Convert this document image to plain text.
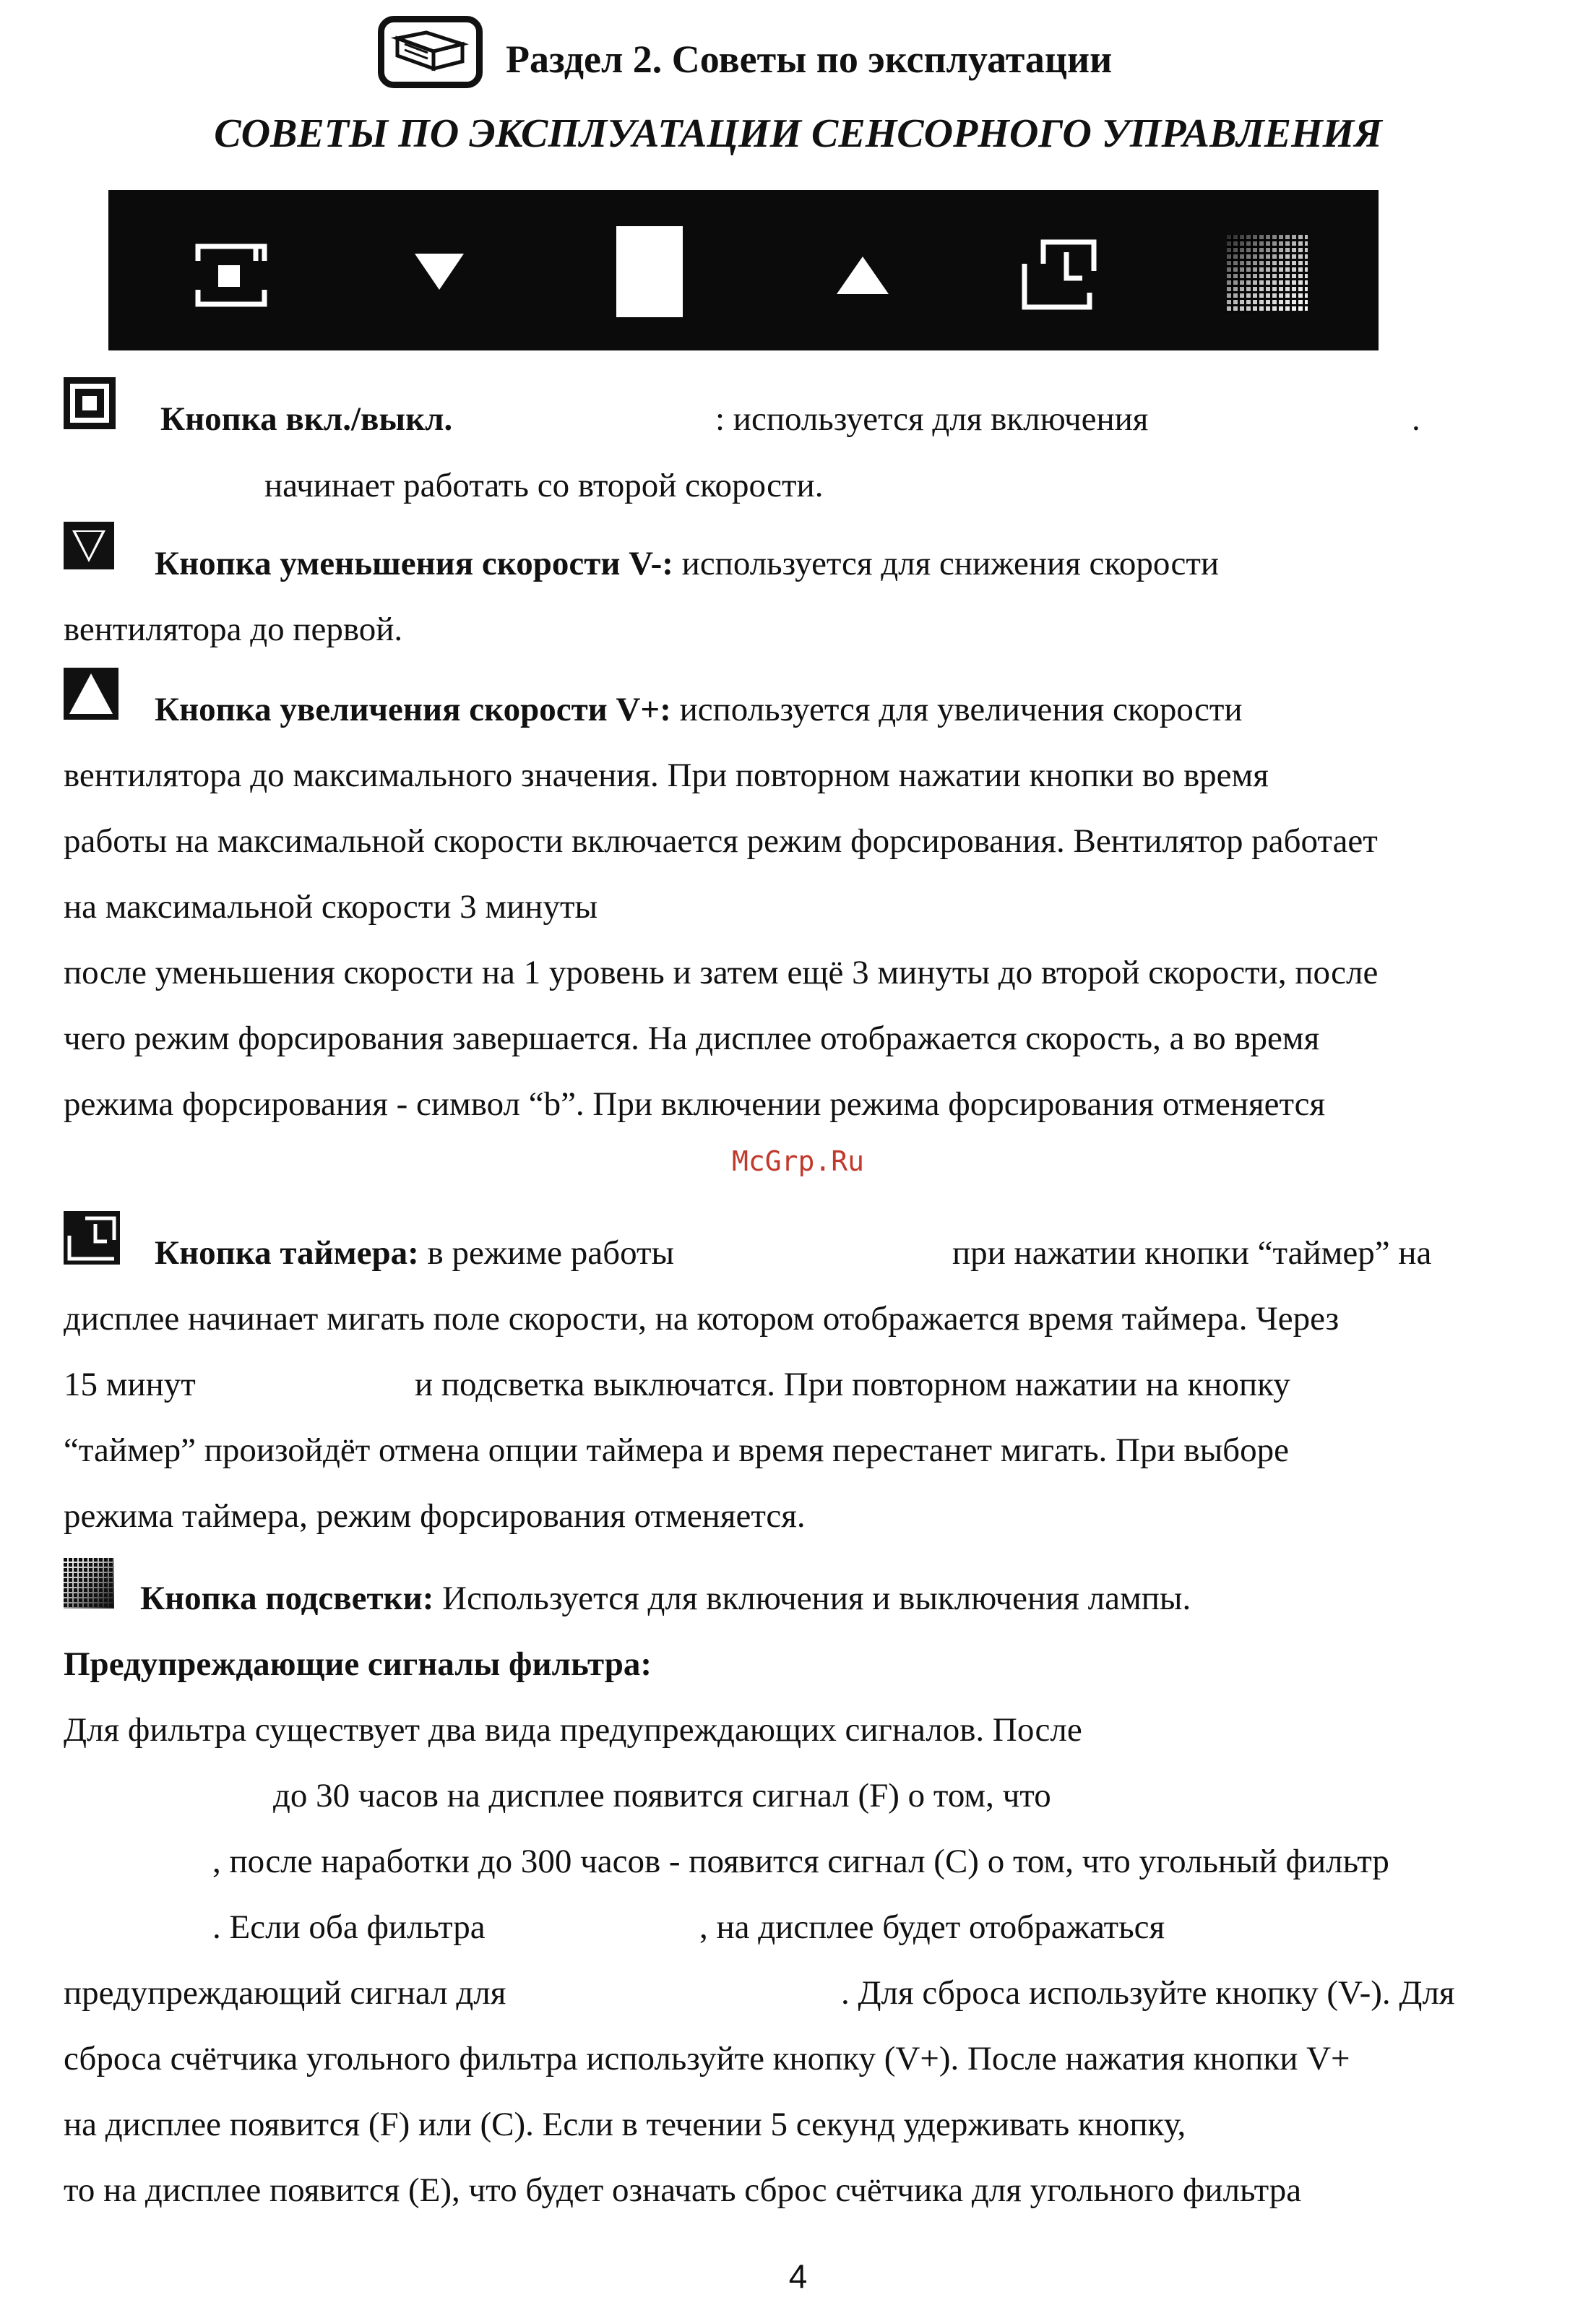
Раздел 2. Советы по эксплуатации
СОВЕТЫ ПО ЭКСПЛУАТАЦИИ СЕНСОРНОГО УПРАВЛЕНИЯ
Кнопка вкл./выкл.	: используется для включения	.
начинает работать со второй скорости.
Кнопка уменьшения скорости V-: используется для снижения скорости
вентилятора до первой.
Кнопка увеличения скорости V+: используется для увеличения скорости
вентилятора до максимального значения. При повторном нажатии кнопки во время
работы на максимальной скорости включается режим форсирования. Вентилятор работает
на максимальной скорости 3 минуты
после уменьшения скорости на 1 уровень и затем ещё 3 минуты до второй скорости, после
чего режим форсирования завершается. На дисплее отображается скорость, а во время
режима форсирования - символ “b”. При включении режима форсирования отменяется
McGrp.Ru
Кнопка таймера: в режиме работы	при нажатии кнопки “таймер” на
дисплее начинает мигать поле скорости, на котором отображается время таймера. Через
15 минут	и подсветка выключатся. При повторном нажатии на кнопку
“таймер” произойдёт отмена опции таймера и время перестанет мигать. При выборе
режима таймера, режим форсирования отменяется.
Кнопка подсветки: Используется для включения и выключения лампы.
Предупреждающие сигналы фильтра:
Для фильтра существует два вида предупреждающих сигналов. После
до 30 часов на дисплее появится сигнал (F) о том, что
, после наработки до 300 часов - появится сигнал (С) о том, что угольный фильтр
. Если оба фильтра	, на дисплее будет отображаться
предупреждающий сигнал для	. Для сброса используйте кнопку (V-). Для
сброса счётчика угольного фильтра используйте кнопку (V+). После нажатия кнопки V+
на дисплее появится (F) или (С). Если в течении 5 секунд удерживать кнопку,
то на дисплее появится (E), что будет означать сброс счётчика для угольного фильтра
4
